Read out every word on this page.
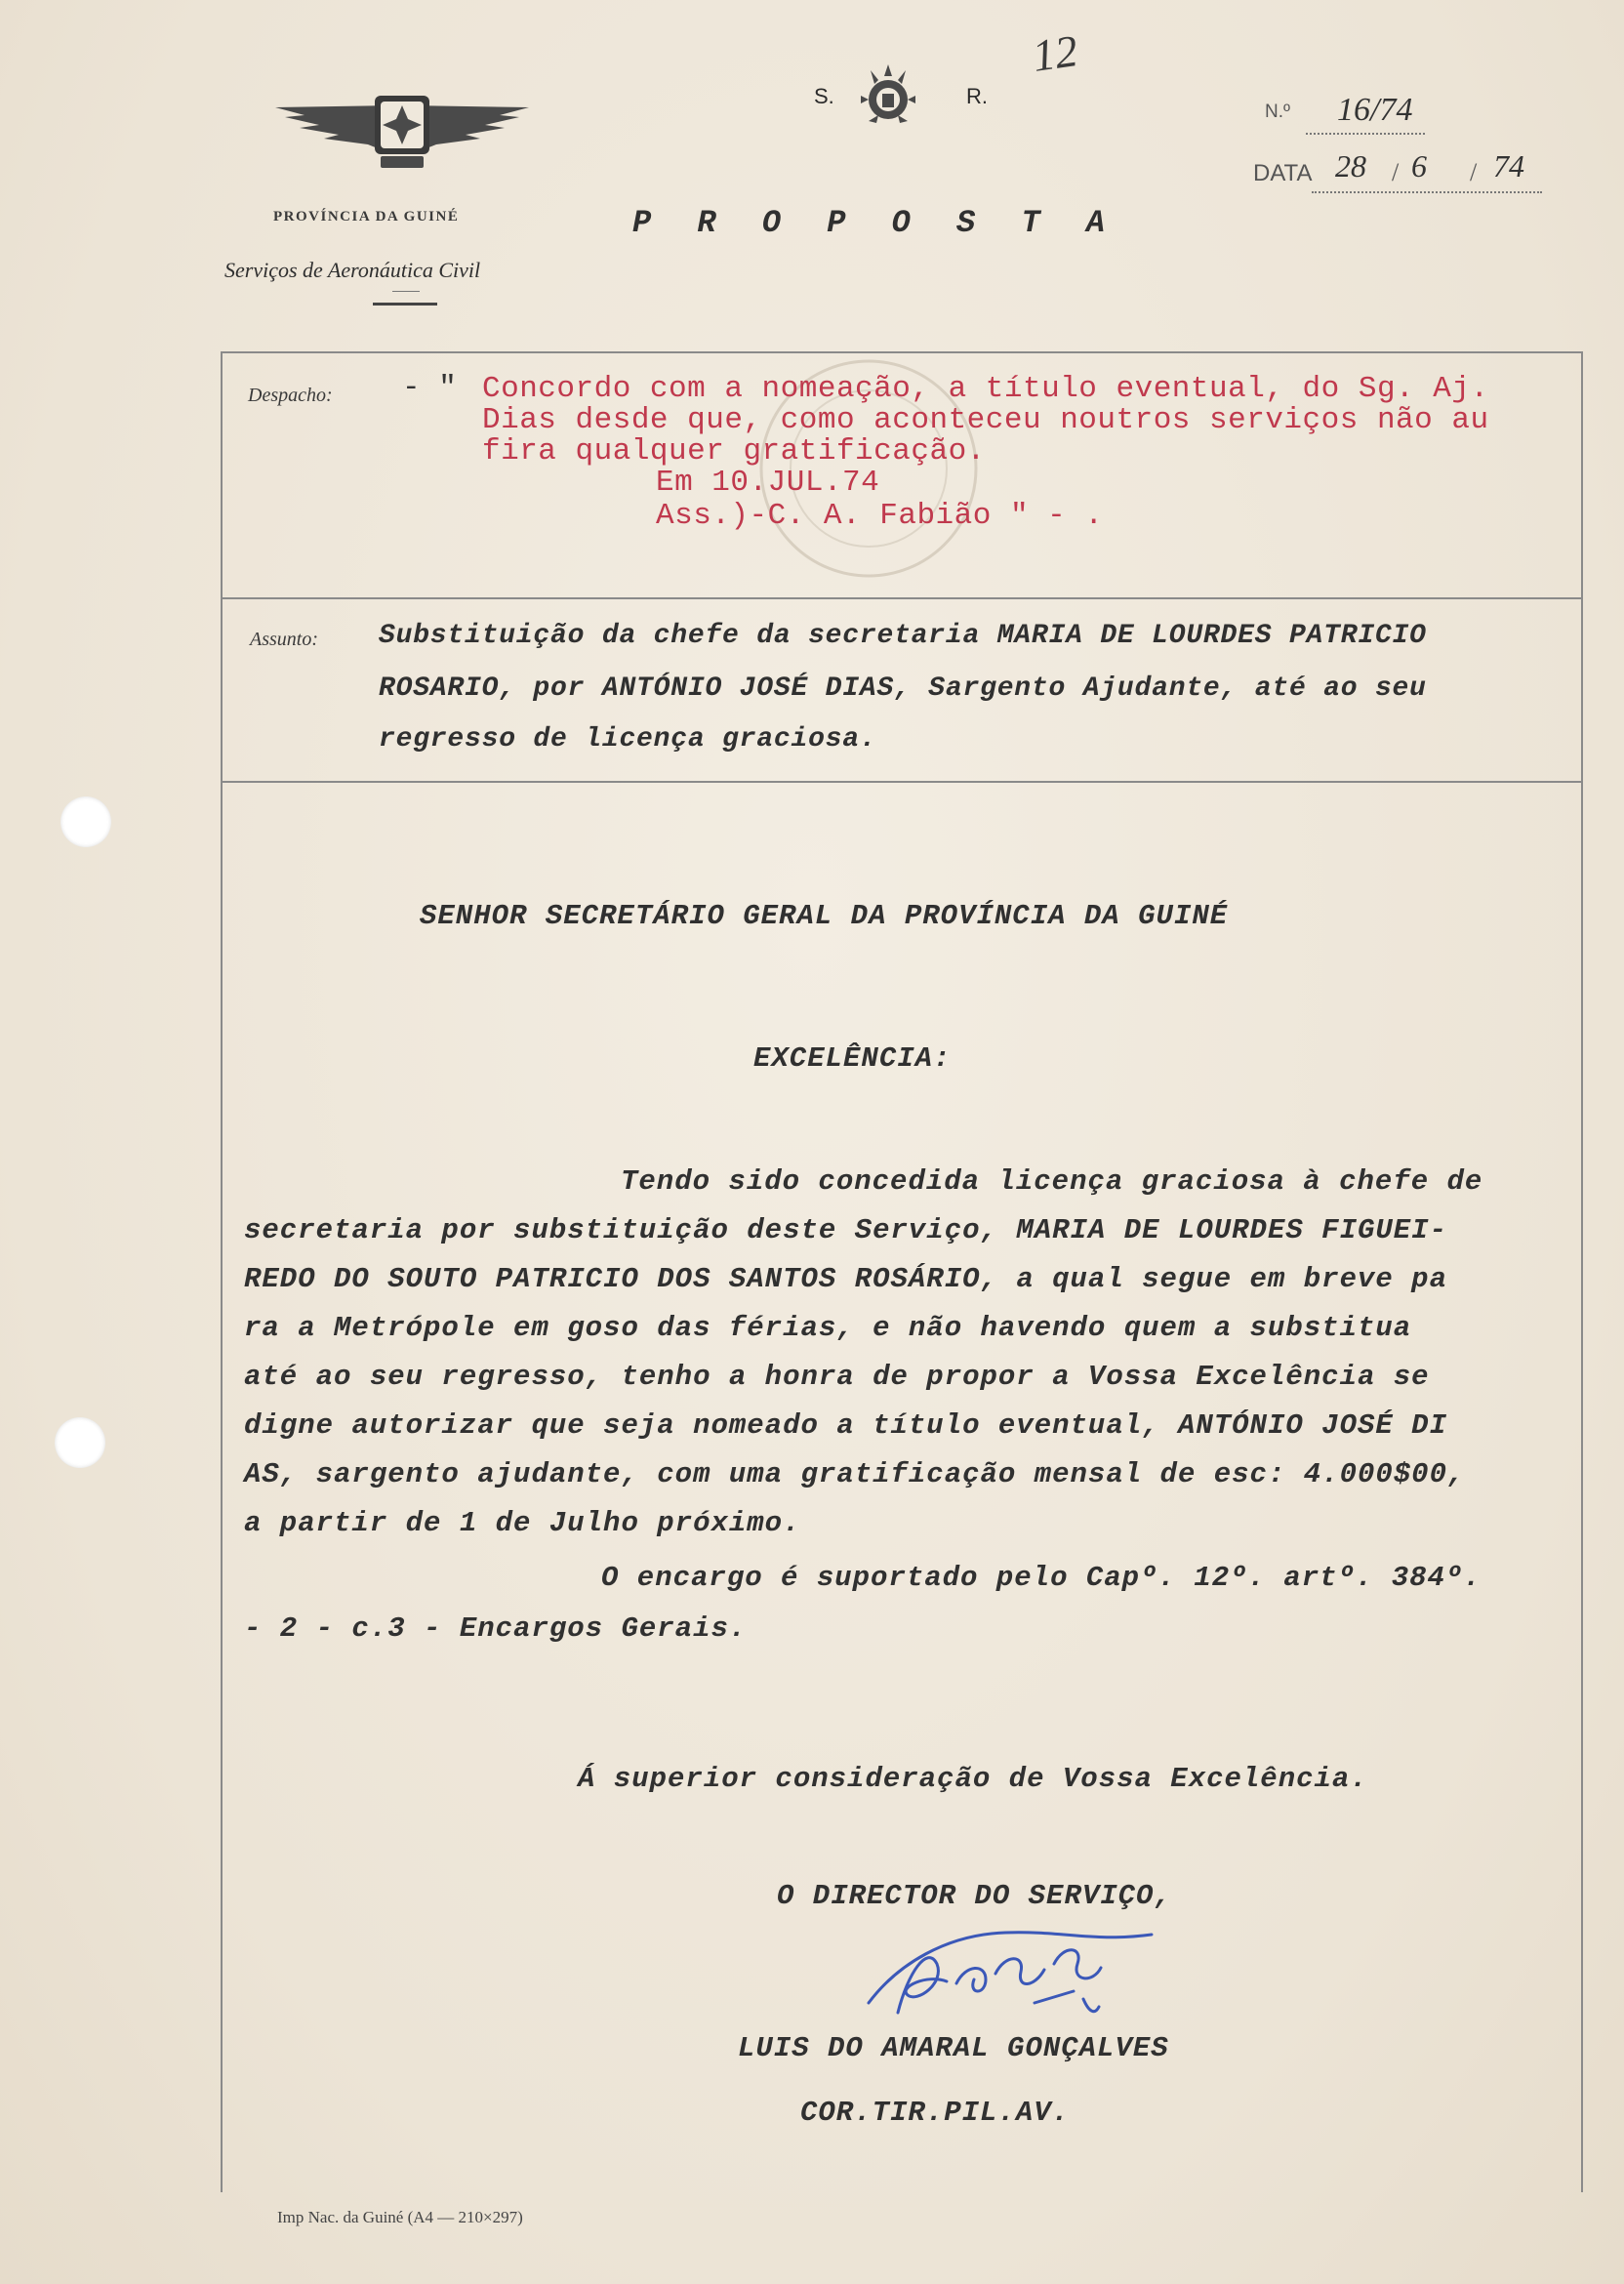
PROVÍNCIA DA GUINÉ
Serviços de Aeronáutica Civil
S.	R.
12
N.º 16/74
DATA 28 / 6 / 74
P R O P O S T A
Despacho: - " Concordo com a nomeação, a título eventual, do Sg. Aj.
Dias desde que, como aconteceu noutros serviços não au
fira qualquer gratificação.
Em 10.JUL.74
Ass.)-C. A. Fabião " - .
Assunto: Substituição da chefe da secretaria MARIA DE LOURDES PATRICIO
ROSARIO, por ANTÓNIO JOSÉ DIAS, Sargento Ajudante, até ao seu
regresso de licença graciosa.
SENHOR SECRETÁRIO GERAL DA PROVÍNCIA DA GUINÉ
EXCELÊNCIA:
Tendo sido concedida licença graciosa à chefe de
secretaria por substituição deste Serviço, MARIA DE LOURDES FIGUEI-
REDO DO SOUTO PATRICIO DOS SANTOS ROSÁRIO, a qual segue em breve pa
ra a Metrópole em goso das férias, e não havendo quem a substitua
até ao seu regresso, tenho a honra de propor a Vossa Excelência se
digne autorizar que seja nomeado a título eventual, ANTÓNIO JOSÉ DI
AS, sargento ajudante, com uma gratificação mensal de esc: 4.000$00,
a partir de 1 de Julho próximo.
O encargo é suportado pelo Capº. 12º. artº. 384º.
- 2 - c.3 - Encargos Gerais.
Á superior consideração de Vossa Excelência.
O DIRECTOR DO SERVIÇO,
LUIS DO AMARAL GONÇALVES
COR.TIR.PIL.AV.
Imp Nac. da Guiné (A4 — 210×297)
